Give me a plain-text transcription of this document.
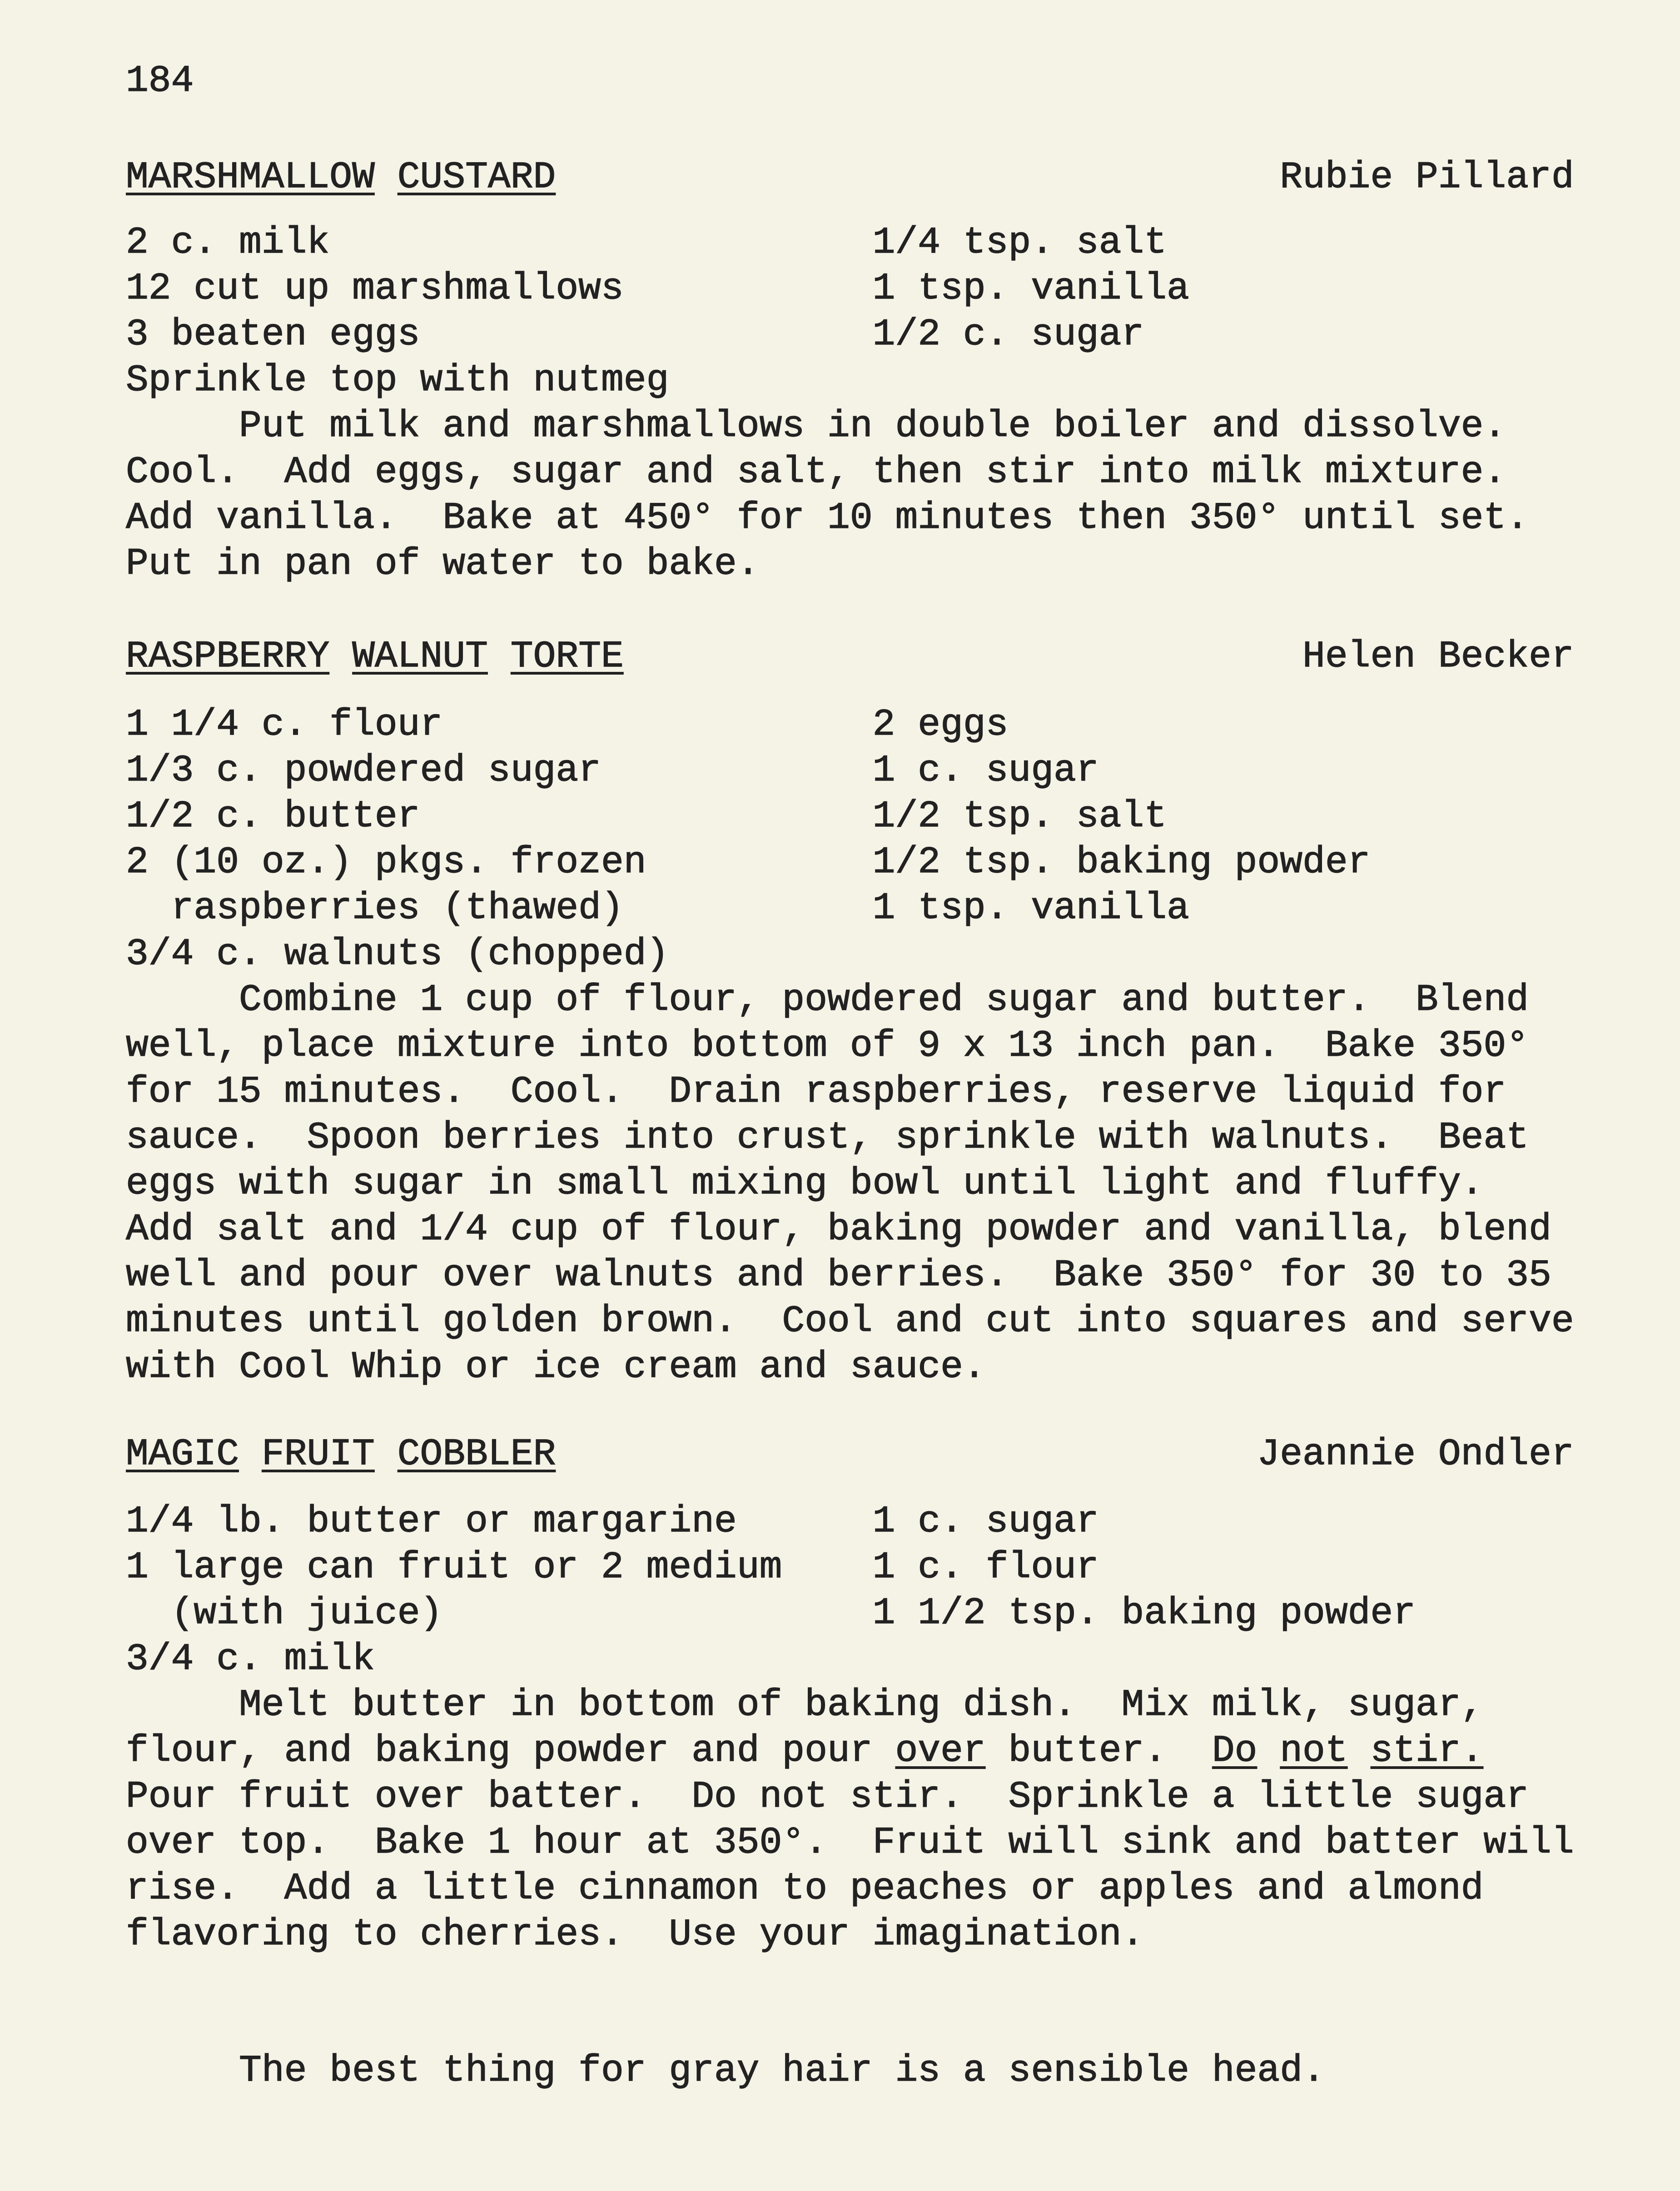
184
MARSHMALLOW CUSTARD	Rubie Pillard
2 c. milk	1/4 tsp. salt
12 cut up marshmallows	1 tsp. vanilla
3 beaten eggs	1/2 c. sugar
Sprinkle top with nutmeg
Put milk and marshmallows in double boiler and dissolve.
Cool.  Add eggs, sugar and salt, then stir into milk mixture.
Add vanilla.  Bake at 450° for 10 minutes then 350° until set.
Put in pan of water to bake.
RASPBERRY WALNUT TORTE	Helen Becker
1 1/4 c. flour	2 eggs
1/3 c. powdered sugar	1 c. sugar
1/2 c. butter	1/2 tsp. salt
2 (10 oz.) pkgs. frozen	1/2 tsp. baking powder
raspberries (thawed)	1 tsp. vanilla
3/4 c. walnuts (chopped)
Combine 1 cup of flour, powdered sugar and butter.  Blend
well, place mixture into bottom of 9 x 13 inch pan.  Bake 350°
for 15 minutes.  Cool.  Drain raspberries, reserve liquid for
sauce.  Spoon berries into crust, sprinkle with walnuts.  Beat
eggs with sugar in small mixing bowl until light and fluffy.
Add salt and 1/4 cup of flour, baking powder and vanilla, blend
well and pour over walnuts and berries.  Bake 350° for 30 to 35
minutes until golden brown.  Cool and cut into squares and serve
with Cool Whip or ice cream and sauce.
MAGIC FRUIT COBBLER	Jeannie Ondler
1/4 lb. butter or margarine	1 c. sugar
1 large can fruit or 2 medium	1 c. flour
(with juice)	1 1/2 tsp. baking powder
3/4 c. milk
Melt butter in bottom of baking dish.  Mix milk, sugar,
flour, and baking powder and pour over butter.  Do not stir.
Pour fruit over batter.  Do not stir.  Sprinkle a little sugar
over top.  Bake 1 hour at 350°.  Fruit will sink and batter will
rise.  Add a little cinnamon to peaches or apples and almond
flavoring to cherries.  Use your imagination.
The best thing for gray hair is a sensible head.
